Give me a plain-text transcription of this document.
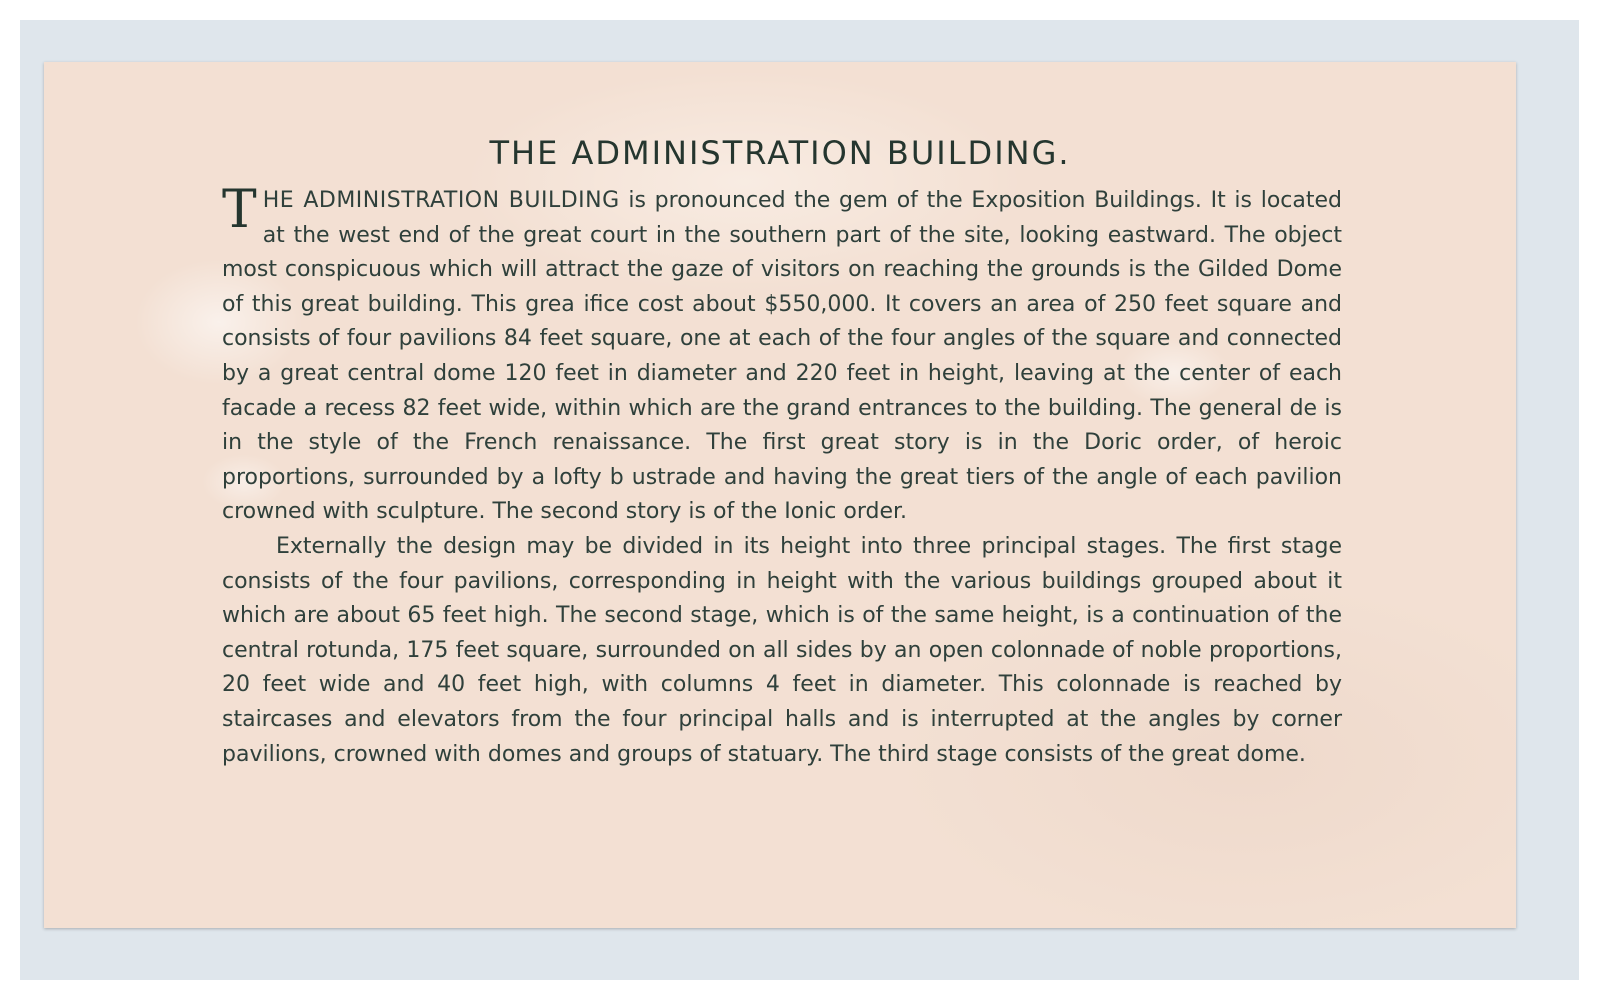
THE ADMINISTRATION BUILDING.

THE ADMINISTRATION BUILDING is pronounced the gem of the Exposition Buildings. It is located at the west end of the great court in the southern part of the site, looking eastward. The object most conspicuous which will attract the gaze of visitors on reaching the grounds is the Gilded Dome of this great building. This grea ifice cost about $550,000. It covers an area of 250 feet square and consists of four pavilions 84 feet square, one at each of the four angles of the square and connected by a great central dome 120 feet in diameter and 220 feet in height, leaving at the center of each facade a recess 82 feet wide, within which are the grand entrances to the building. The general de is in the style of the French renaissance. The first great story is in the Doric order, of heroic proportions, surrounded by a lofty b ustrade and having the great tiers of the angle of each pavilion crowned with sculpture. The second story is of the Ionic order.

Externally the design may be divided in its height into three principal stages. The first stage consists of the four pavilions, corresponding in height with the various buildings grouped about it which are about 65 feet high. The second stage, which is of the same height, is a continuation of the central rotunda, 175 feet square, surrounded on all sides by an open colonnade of noble proportions, 20 feet wide and 40 feet high, with columns 4 feet in diameter. This colonnade is reached by staircases and elevators from the four principal halls and is interrupted at the angles by corner pavilions, crowned with domes and groups of statuary. The third stage consists of the great dome.
